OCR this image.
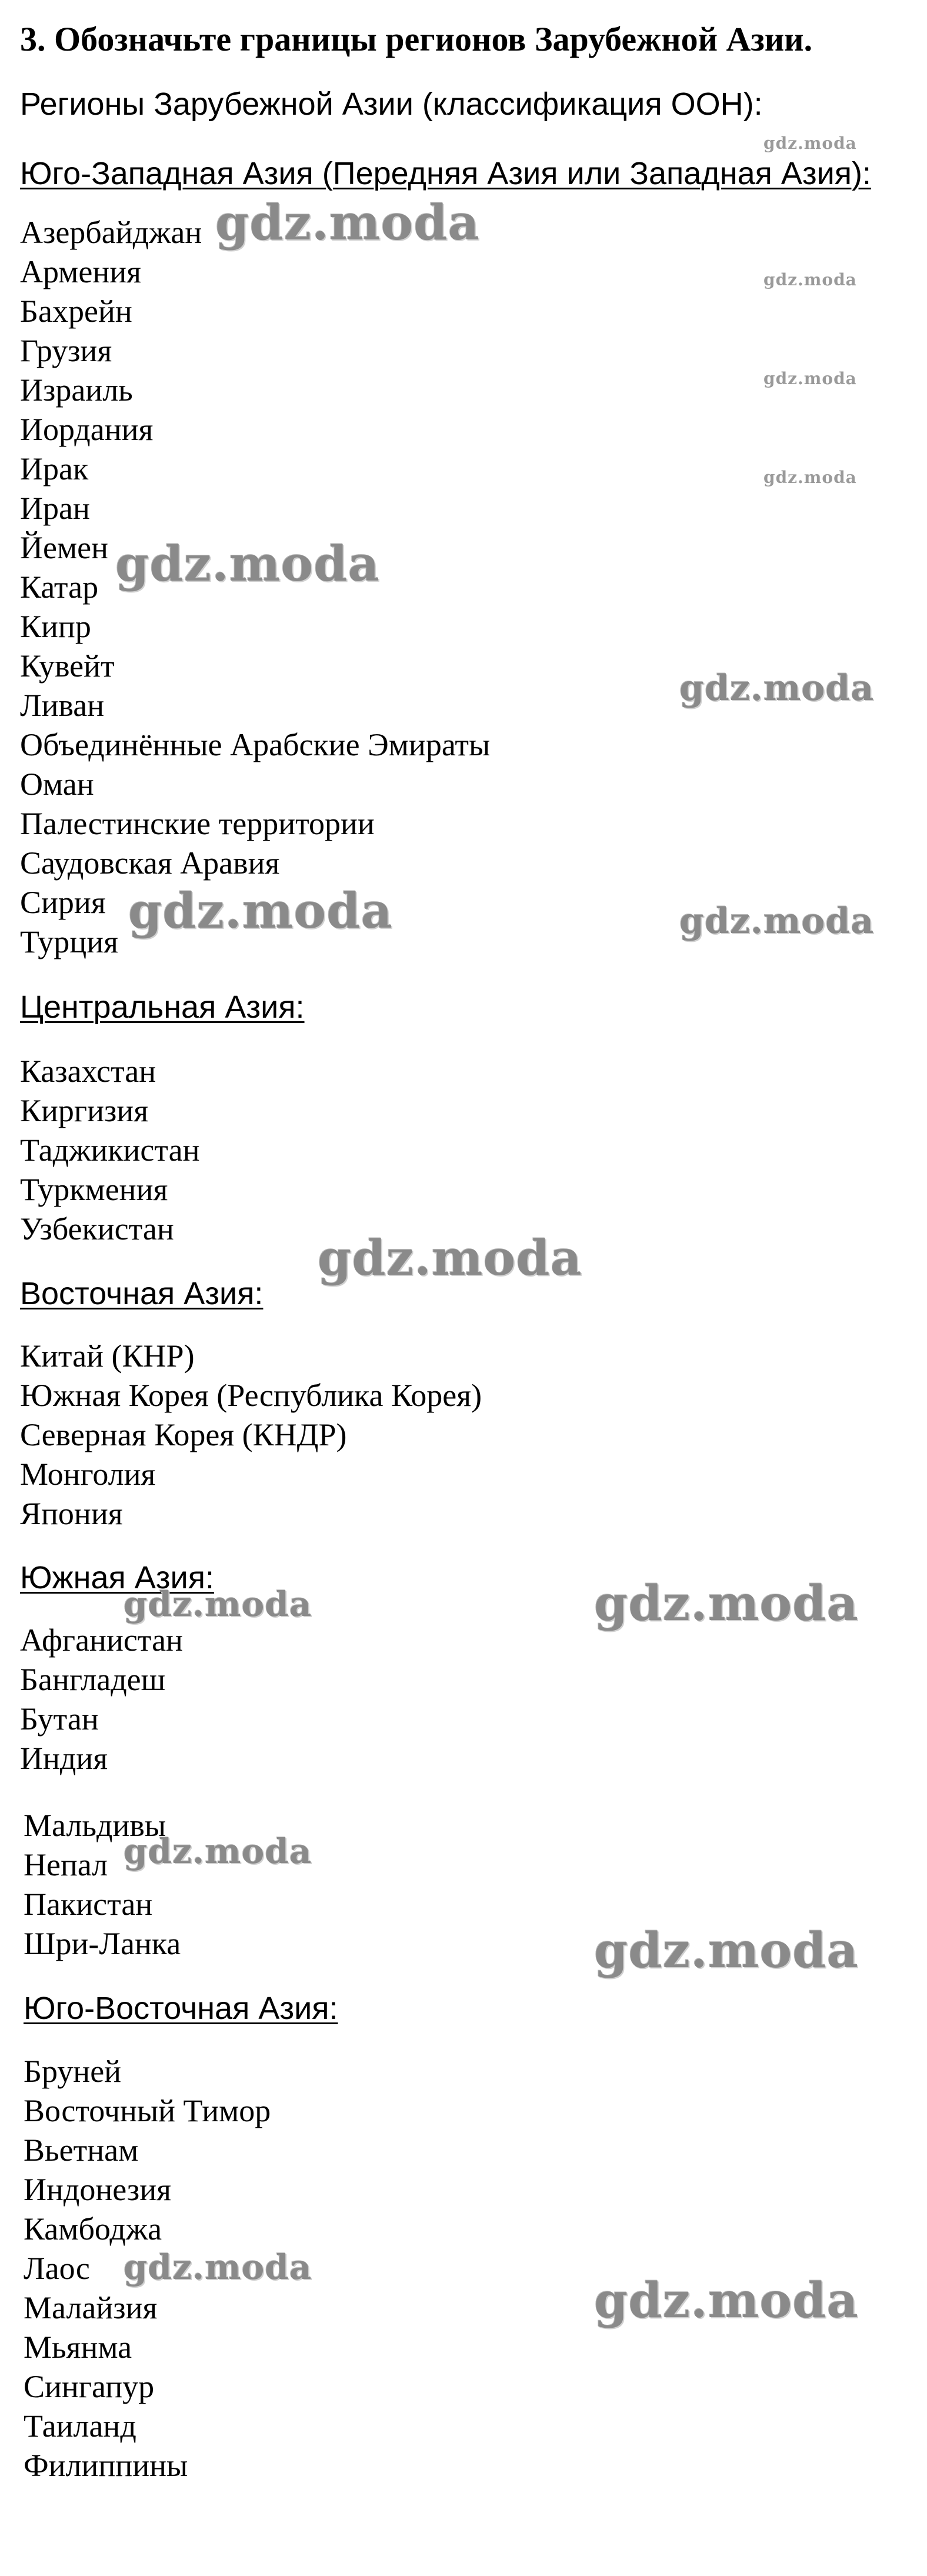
3. Обозначьте границы регионов Зарубежной Азии.
Регионы Зарубежной Азии (классификация ООН):
Юго-Западная Азия (Передняя Азия или Западная Азия):
Азербайджан
Армения
Бахрейн
Грузия
Израиль
Иордания
Ирак
Иран
Йемен
Катар
Кипр
Кувейт
Ливан
Объединённые Арабские Эмираты
Оман
Палестинские территории
Саудовская Аравия
Сирия
Турция
Центральная Азия:
Казахстан
Киргизия
Таджикистан
Туркмения
Узбекистан
Восточная Азия:
Китай (КНР)
Южная Корея (Республика Корея)
Северная Корея (КНДР)
Монголия
Япония
Южная Азия:
Афганистан
Бангладеш
Бутан
Индия
Мальдивы
Непал
Пакистан
Шри-Ланка
Юго-Восточная Азия:
Бруней
Восточный Тимор
Вьетнам
Индонезия
Камбоджа
Лаос
Малайзия
Мьянма
Сингапур
Таиланд
Филиппины
gdz.moda
gdz.moda
gdz.moda
gdz.moda
gdz.moda
gdz.moda
gdz.moda
gdz.moda	gdz.moda
gdz.moda
gdz.moda	gdz.moda
gdz.moda
gdz.moda
gdz.moda
gdz.moda
